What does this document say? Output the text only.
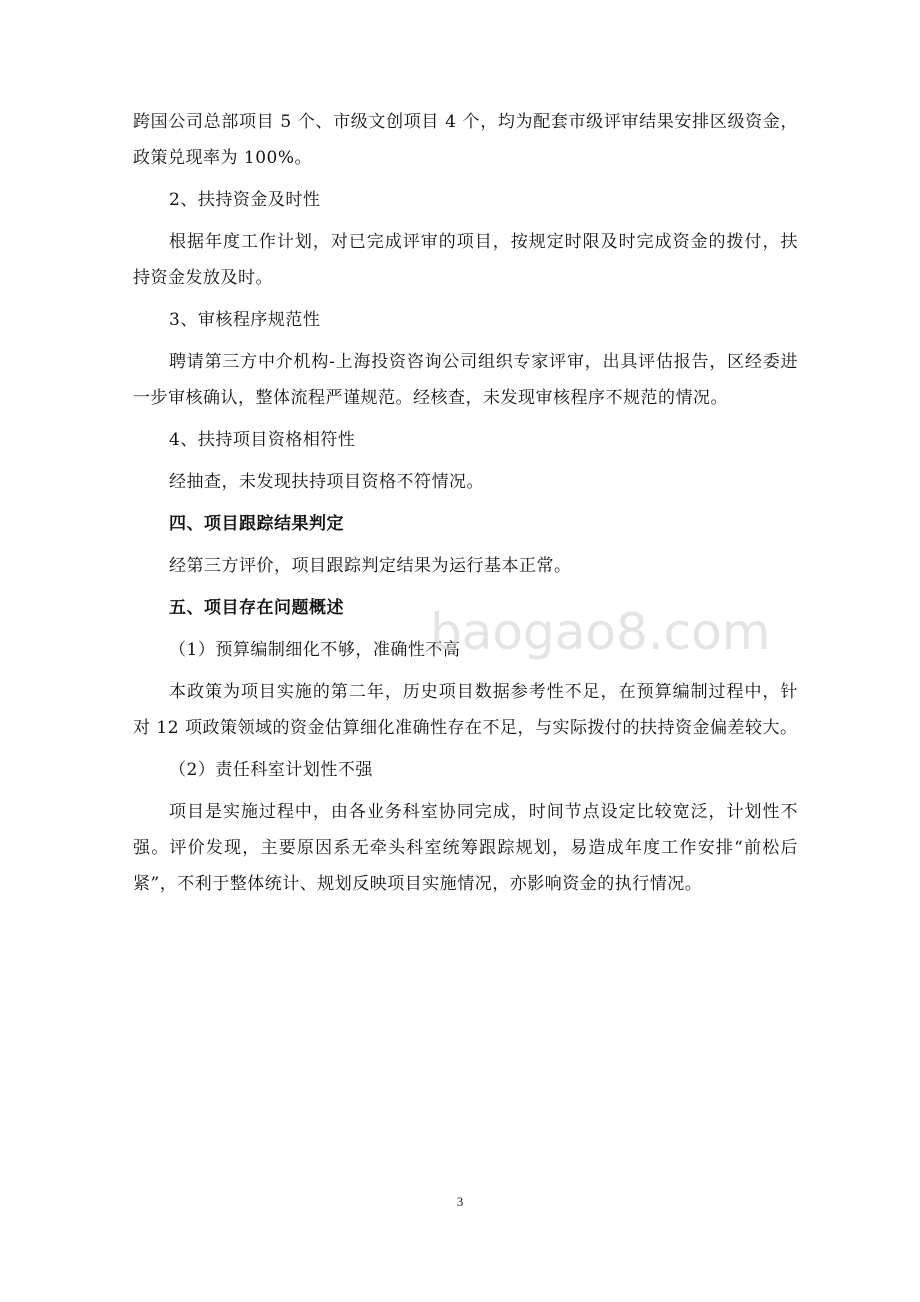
跨国公司总部项目 5 个、市级文创项目 4 个，均为配套市级评审结果安排区级资金，政策兑现率为 100%。

2、扶持资金及时性

根据年度工作计划，对已完成评审的项目，按规定时限及时完成资金的拨付，扶持资金发放及时。

3、审核程序规范性

聘请第三方中介机构-上海投资咨询公司组织专家评审，出具评估报告，区经委进一步审核确认，整体流程严谨规范。经核查，未发现审核程序不规范的情况。

4、扶持项目资格相符性

经抽查，未发现扶持项目资格不符情况。

四、项目跟踪结果判定

经第三方评价，项目跟踪判定结果为运行基本正常。

五、项目存在问题概述

（1）预算编制细化不够，准确性不高

本政策为项目实施的第二年，历史项目数据参考性不足，在预算编制过程中，针对 12 项政策领域的资金估算细化准确性存在不足，与实际拨付的扶持资金偏差较大。

（2）责任科室计划性不强

项目是实施过程中，由各业务科室协同完成，时间节点设定比较宽泛，计划性不强。评价发现，主要原因系无牵头科室统筹跟踪规划，易造成年度工作安排“前松后紧”，不利于整体统计、规划反映项目实施情况，亦影响资金的执行情况。

baogao8.com
3
